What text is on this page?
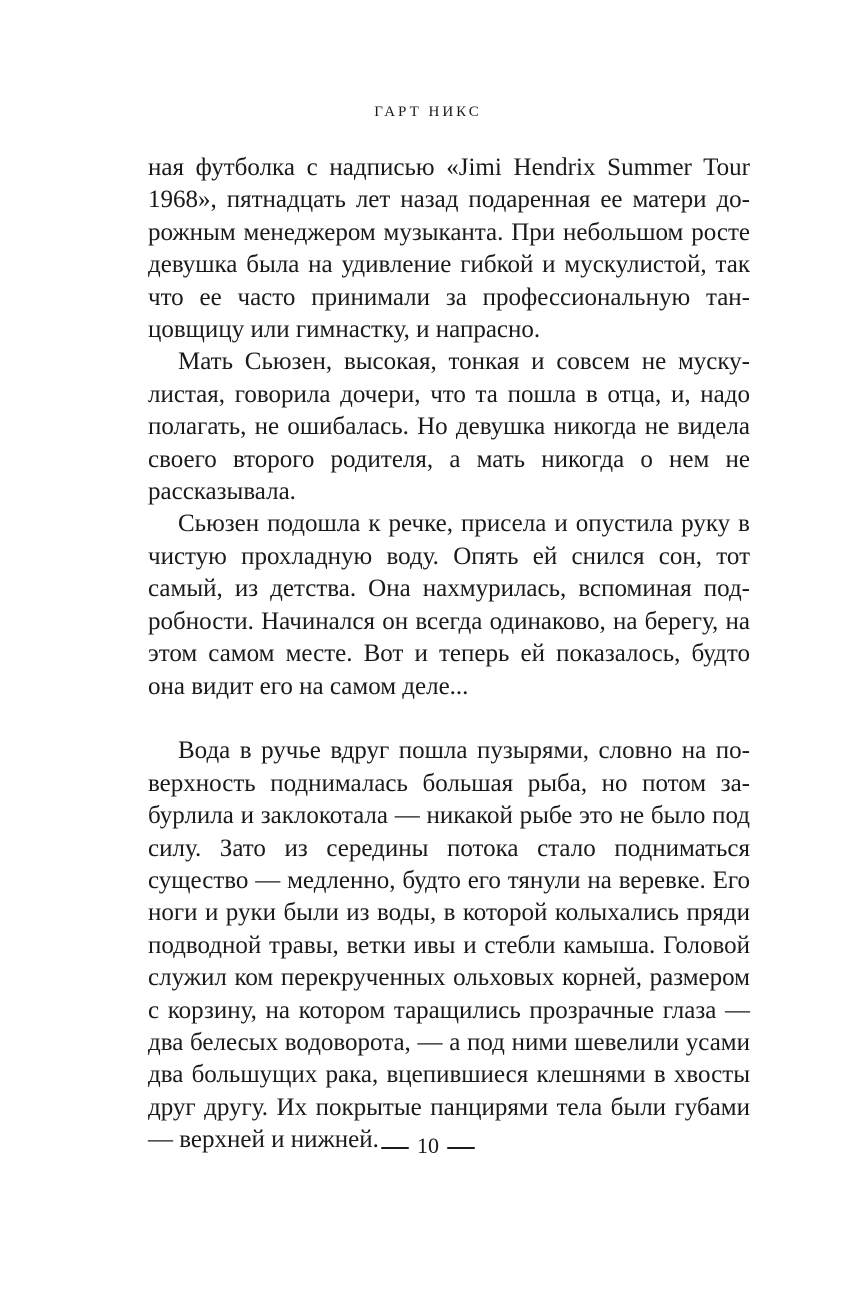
ГАРТ НИКС

ная футболка с надписью «Jimi Hendrix Summer Tour 1968», пятнадцать лет назад подаренная ее матери дорожным менеджером музыканта. При небольшом росте девушка была на удивление гибкой и мускулистой, так что ее часто принимали за профессиональную танцовщицу или гимнастку, и напрасно.

Мать Сьюзен, высокая, тонкая и совсем не мускулистая, говорила дочери, что та пошла в отца, и, надо полагать, не ошибалась. Но девушка никогда не видела своего второго родителя, а мать никогда о нем не рассказывала.

Сьюзен подошла к речке, присела и опустила руку в чистую прохладную воду. Опять ей снился сон, тот самый, из детства. Она нахмурилась, вспоминая подробности. Начинался он всегда одинаково, на берегу, на этом самом месте. Вот и теперь ей показалось, будто она видит его на самом деле...

Вода в ручье вдруг пошла пузырями, словно на поверхность поднималась большая рыба, но потом забурлила и заклокотала — никакой рыбе это не было под силу. Зато из середины потока стало подниматься существо — медленно, будто его тянули на веревке. Его ноги и руки были из воды, в которой колыхались пряди подводной травы, ветки ивы и стебли камыша. Головой служил ком перекрученных ольховых корней, размером с корзину, на котором таращились прозрачные глаза — два белесых водоворота, — а под ними шевелили усами два большущих рака, вцепившиеся клешнями в хвосты друг другу. Их покрытые панцирями тела были губами — верхней и нижней.	10
